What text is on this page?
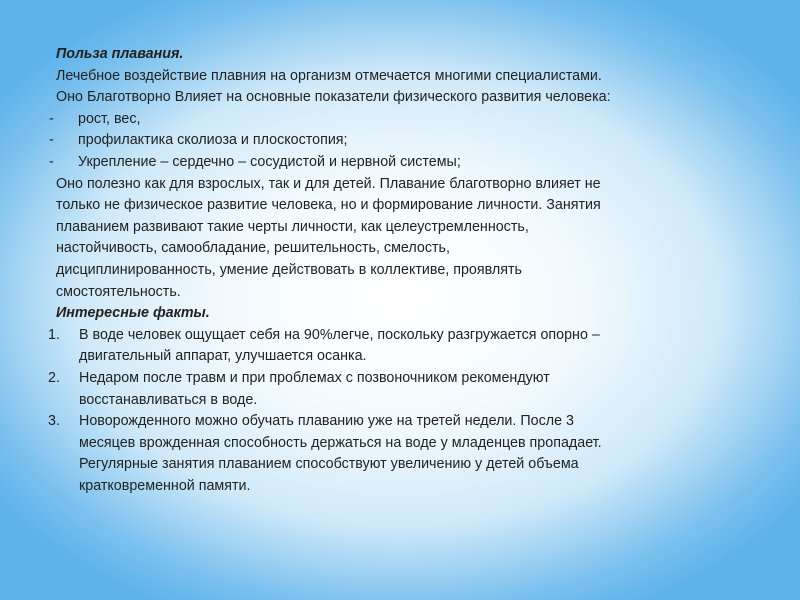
Польза плавания.
Лечебное воздействие плавния на организм отмечается многими специалистами.
Оно Благотворно Влияет на основные показатели физического развития человека:
- рост, вес,
- профилактика сколиоза и плоскостопия;
- Укрепление – сердечно – сосудистой и нервной системы;
Оно полезно как для взрослых, так и для детей. Плавание благотворно влияет не
только не физическое развитие человека, но и формирование личности. Занятия
плаванием развивают такие черты личности, как целеустремленность,
настойчивость, самообладание, решительность, смелость,
дисциплинированность, умение действовать в коллективе, проявлять
смостоятельность.
Интересные факты.
1. В воде человек ощущает себя на 90%легче, поскольку разгружается опорно –
двигательный аппарат, улучшается осанка.
2. Недаром после травм и при проблемах с позвоночником рекомендуют
восстанавливаться в воде.
3. Новорожденного можно обучать плаванию уже на третей недели. После 3
месяцев врожденная способность держаться на воде у младенцев пропадает.
Регулярные занятия плаванием способствуют увеличению у детей объема
кратковременной памяти.
